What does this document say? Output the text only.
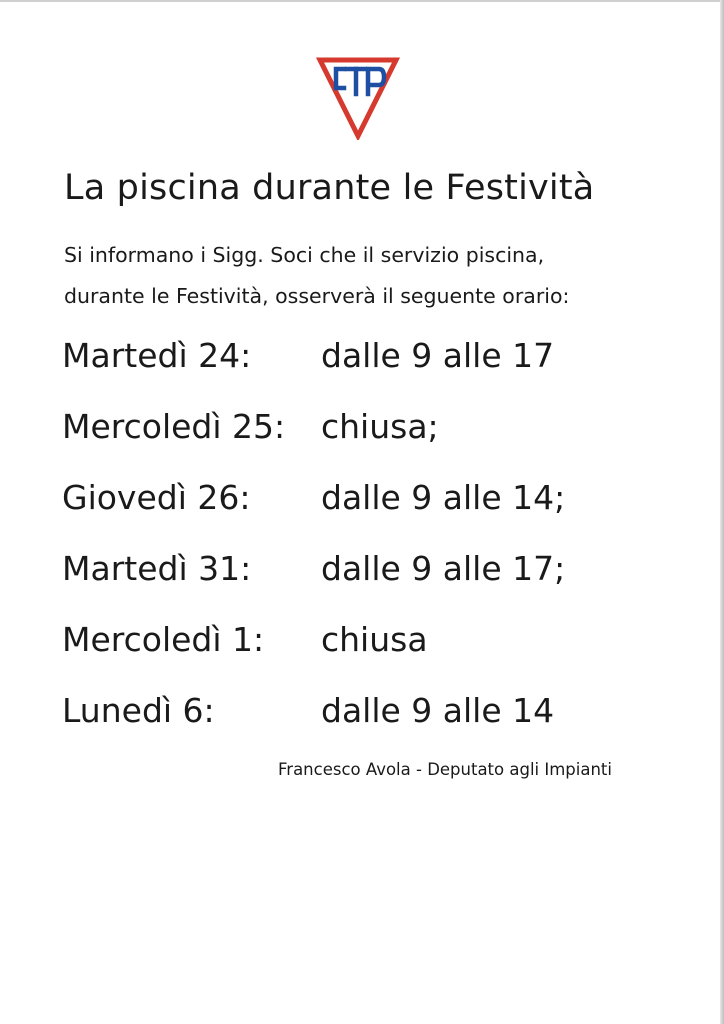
La piscina durante le Festività
Si informano i Sigg. Soci che il servizio piscina,
durante le Festività, osserverà il seguente orario:
Martedì 24: dalle 9 alle 17
Mercoledì 25: chiusa;
Giovedì 26: dalle 9 alle 14;
Martedì 31: dalle 9 alle 17;
Mercoledì 1: chiusa
Lunedì 6:	dalle 9 alle 14
Francesco Avola - Deputato agli Impianti
